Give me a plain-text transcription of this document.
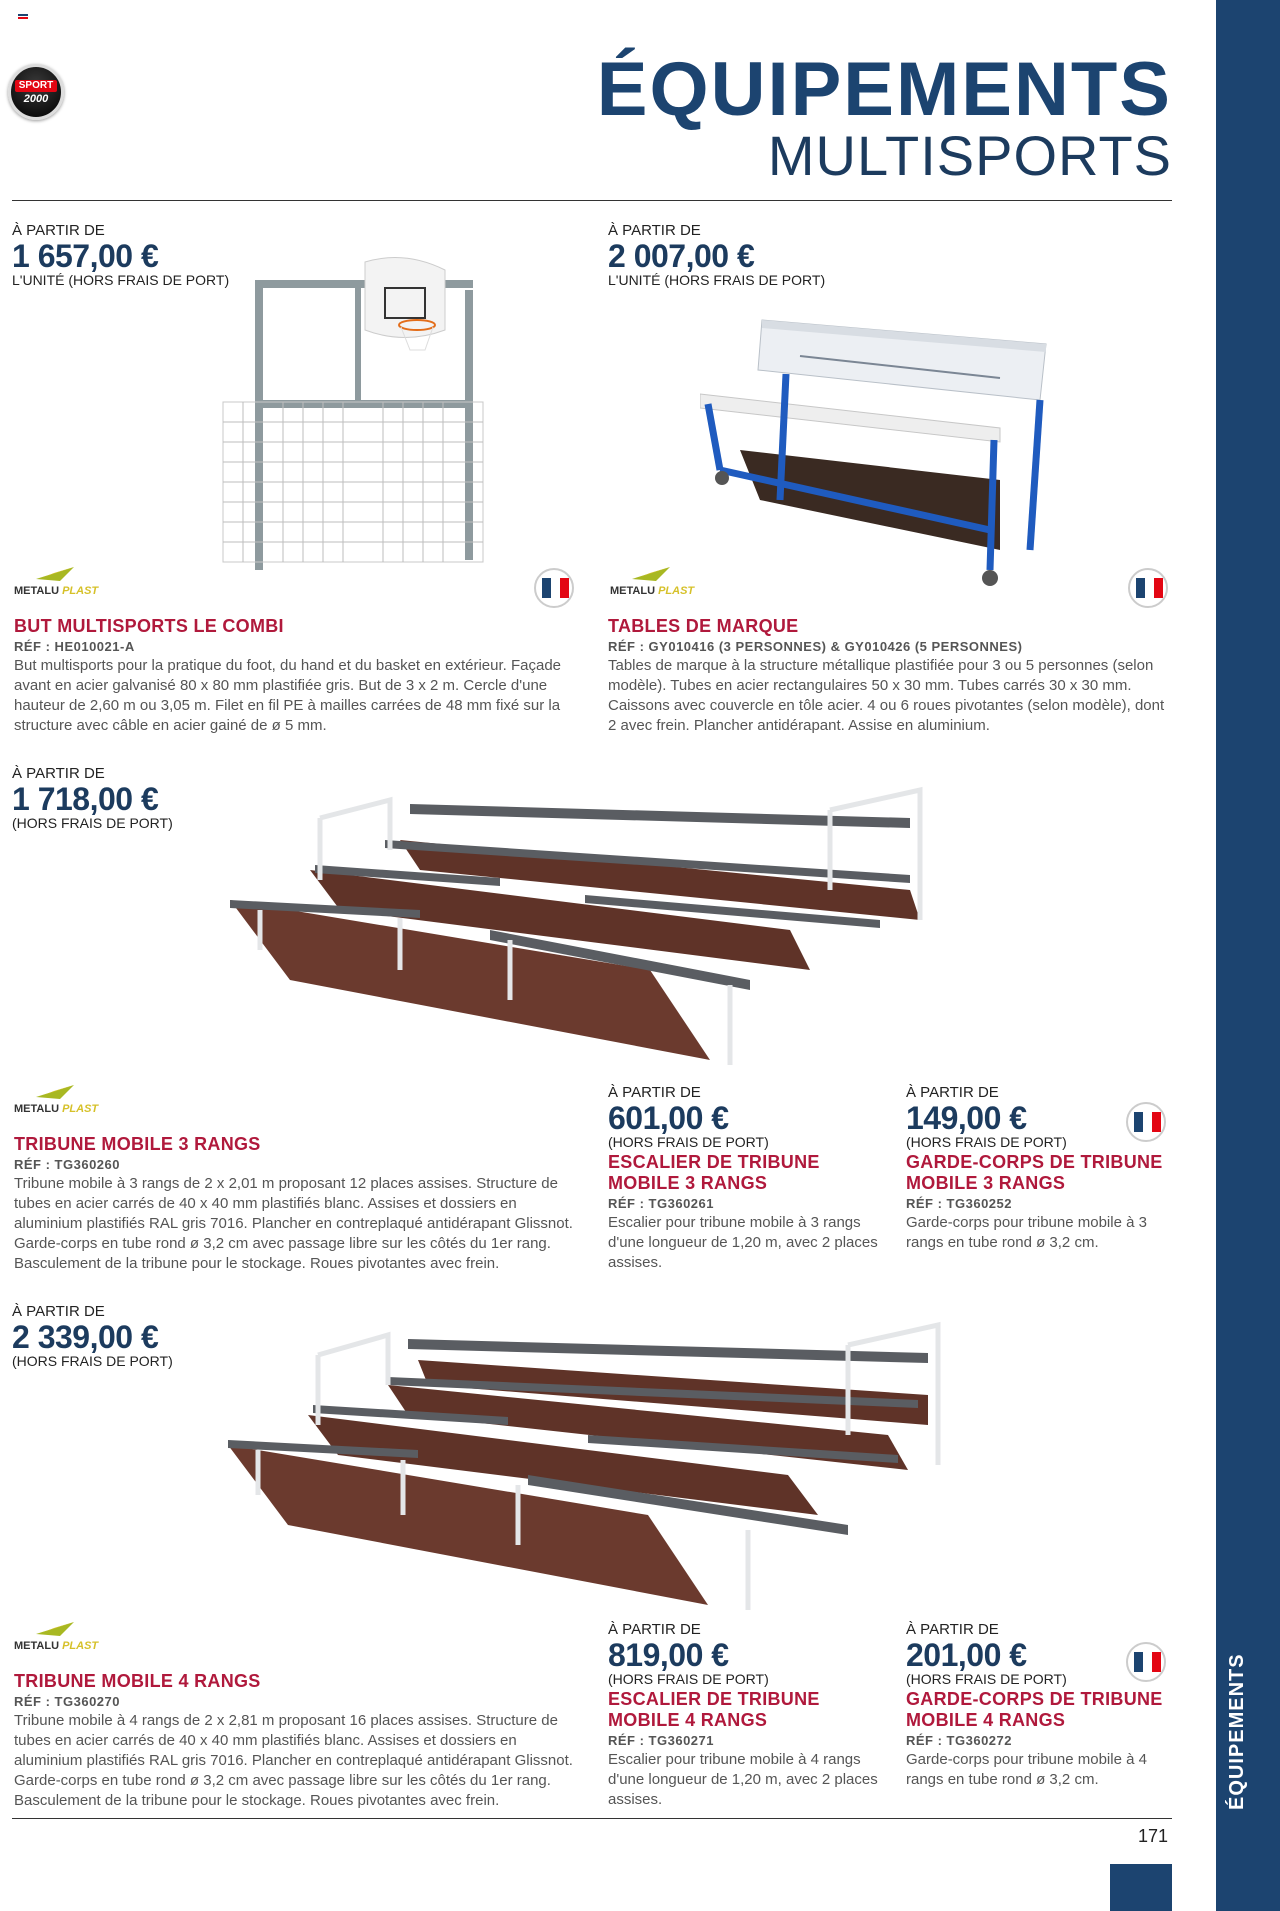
SPORT
2000	ÉQUIPEMENTS
MULTISPORTS
À PARTIR DE
1 657,00 €
L'UNITÉ (HORS FRAIS DE PORT)
METALU PLAST
BUT MULTISPORTS LE COMBI
RÉF : HE010021-A
But multisports pour la pratique du foot, du hand et du basket en extérieur. Façade avant en acier galvanisé 80 x 80 mm plastifiée gris. But de 3 x 2 m. Cercle d'une hauteur de 2,60 m ou 3,05 m. Filet en fil PE à mailles carrées de 48 mm fixé sur la structure avec câble en acier gainé de ø 5 mm.
À PARTIR DE
2 007,00 €
L'UNITÉ (HORS FRAIS DE PORT)
METALU PLAST
TABLES DE MARQUE
RÉF : GY010416 (3 PERSONNES) & GY010426 (5 PERSONNES)
Tables de marque à la structure métallique plastifiée pour 3 ou 5 personnes (selon modèle). Tubes en acier rectangulaires 50 x 30 mm. Tubes carrés 30 x 30 mm. Caissons avec couvercle en tôle acier. 4 ou 6 roues pivotantes (selon modèle), dont 2 avec frein. Plancher antidérapant. Assise en aluminium.
À PARTIR DE
1 718,00 €
(HORS FRAIS DE PORT)
METALU PLAST
TRIBUNE MOBILE 3 RANGS
RÉF : TG360260
Tribune mobile à 3 rangs de 2 x 2,01 m proposant 12 places assises. Structure de tubes en acier carrés de 40 x 40 mm plastifiés blanc. Assises et dossiers en aluminium plastifiés RAL gris 7016. Plancher en contreplaqué antidérapant Glissnot. Garde-corps en tube rond ø 3,2 cm avec passage libre sur les côtés du 1er rang. Basculement de la tribune pour le stockage. Roues pivotantes avec frein.
À PARTIR DE
601,00 €
(HORS FRAIS DE PORT)
ESCALIER DE TRIBUNE MOBILE 3 RANGS
RÉF : TG360261
Escalier pour tribune mobile à 3 rangs d'une longueur de 1,20 m, avec 2 places assises.
À PARTIR DE
149,00 €
(HORS FRAIS DE PORT)
GARDE-CORPS DE TRIBUNE MOBILE 3 RANGS
RÉF : TG360252
Garde-corps pour tribune mobile à 3 rangs en tube rond ø 3,2 cm.
À PARTIR DE
2 339,00 €
(HORS FRAIS DE PORT)
METALU PLAST
TRIBUNE MOBILE 4 RANGS
RÉF : TG360270
Tribune mobile à 4 rangs de 2 x 2,81 m proposant 16 places assises. Structure de tubes en acier carrés de 40 x 40 mm plastifiés blanc. Assises et dossiers en aluminium plastifiés RAL gris 7016. Plancher en contreplaqué antidérapant Glissnot. Garde-corps en tube rond ø 3,2 cm avec passage libre sur les côtés du 1er rang. Basculement de la tribune pour le stockage. Roues pivotantes avec frein.
À PARTIR DE
819,00 €
(HORS FRAIS DE PORT)
ESCALIER DE TRIBUNE MOBILE 4 RANGS
RÉF : TG360271
Escalier pour tribune mobile à 4 rangs d'une longueur de 1,20 m, avec 2 places assises.
À PARTIR DE
201,00 €
(HORS FRAIS DE PORT)
GARDE-CORPS DE TRIBUNE MOBILE 4 RANGS
RÉF : TG360272
Garde-corps pour tribune mobile à 4 rangs en tube rond ø 3,2 cm.
171
